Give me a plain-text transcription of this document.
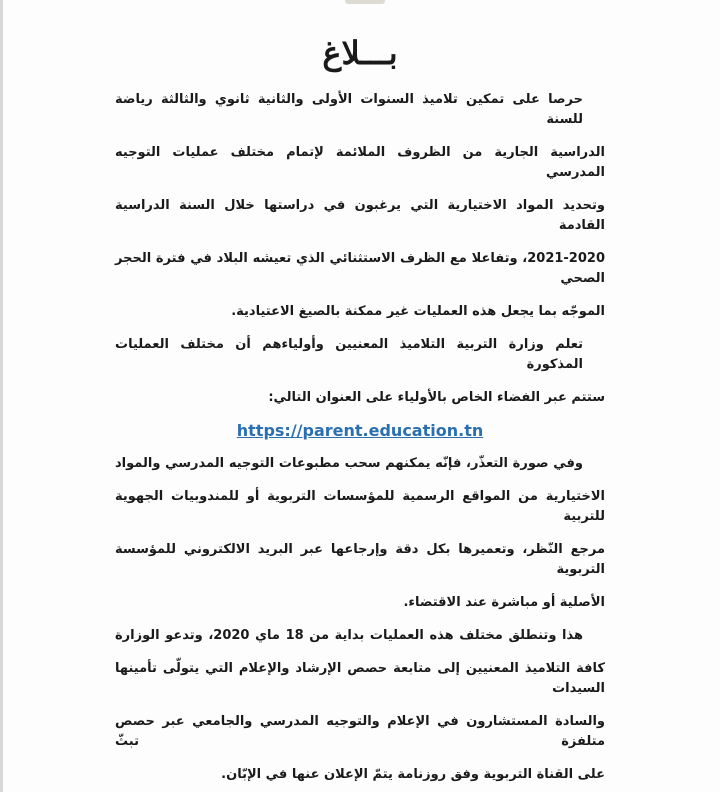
بـــلاغ
حرصا على تمكين تلاميذ السنوات الأولى والثانية ثانوي والثالثة رياضة للسنة
الدراسية الجارية من الظروف الملائمة لإتمام مختلف عمليات التوجيه المدرسي
وتحديد المواد الاختيارية التي يرغبون في دراستها خلال السنة الدراسية القادمة
2021-2020، وتفاعلا مع الظرف الاستثنائي الذي تعيشه البلاد في فترة الحجر الصحي
الموجّه بما يجعل هذه العمليات غير ممكنة بالصيغ الاعتيادية.
تعلم وزارة التربية التلاميذ المعنيين وأولياءهم أن مختلف العمليات المذكورة
ستتم عبر الفضاء الخاص بالأولياء على العنوان التالي:
https://parent.education.tn
وفي صورة التعذّر، فإنّه يمكنهم سحب مطبوعات التوجيه المدرسي والمواد
الاختيارية من المواقع الرسمية للمؤسسات التربوية أو للمندوبيات الجهوية للتربية
مرجع النّظر، وتعميرها بكل دقة وإرجاعها عبر البريد الالكتروني للمؤسسة التربوية
الأصلية أو مباشرة عند الاقتضاء.
هذا وتنطلق مختلف هذه العمليات بداية من 18 ماي 2020، وتدعو الوزارة
كافة التلاميذ المعنيين إلى متابعة حصص الإرشاد والإعلام التي يتولّى تأمينها السيدات
والسادة المستشارون في الإعلام والتوجيه المدرسي والجامعي عبر حصص متلفزة تبثّ
على القناة التربوية وفق روزنامة يتمّ الإعلان عنها في الإبّان.
